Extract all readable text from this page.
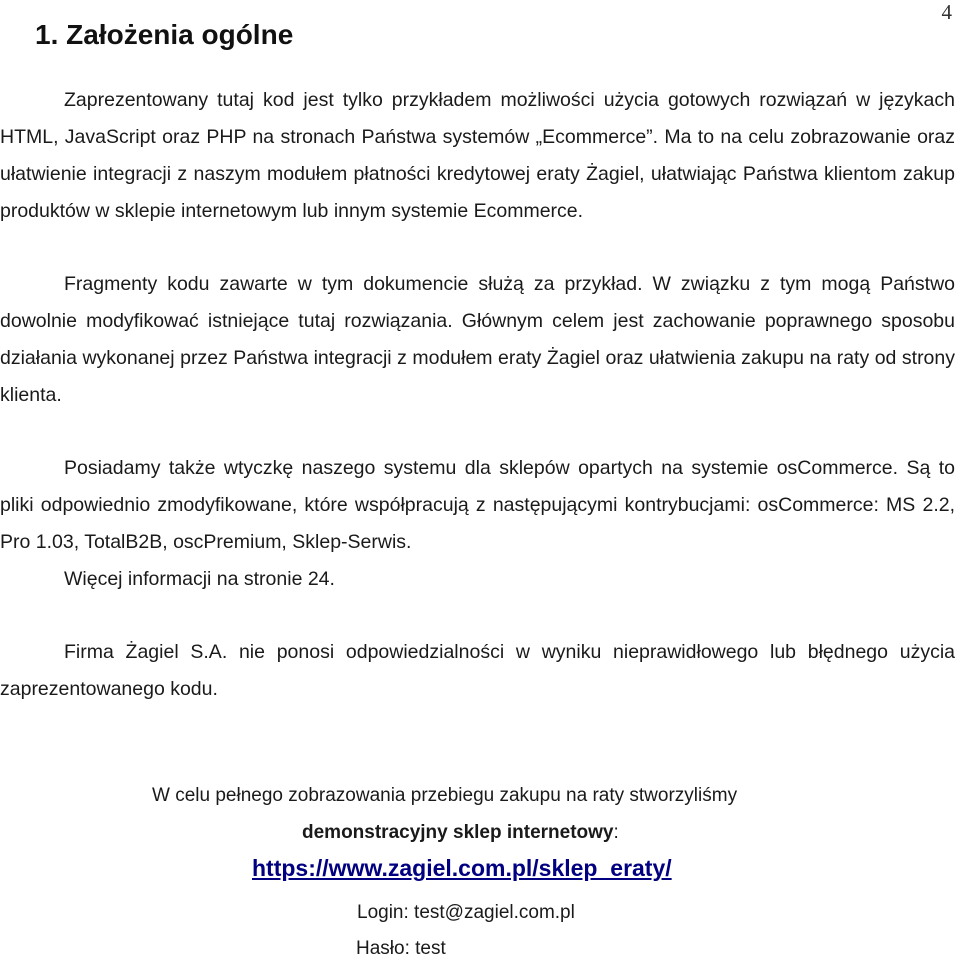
4
1. Założenia ogólne

Zaprezentowany tutaj kod jest tylko przykładem możliwości użycia gotowych rozwiązań w językach HTML, JavaScript oraz PHP na stronach Państwa systemów „Ecommerce”. Ma to na celu zobrazowanie oraz ułatwienie integracji z naszym modułem płatności kredytowej eraty Żagiel, ułatwiając Państwa klientom zakup produktów w sklepie internetowym lub innym systemie Ecommerce.

Fragmenty kodu zawarte w tym dokumencie służą za przykład. W związku z tym mogą Państwo dowolnie modyfikować istniejące tutaj rozwiązania. Głównym celem jest zachowanie poprawnego sposobu działania wykonanej przez Państwa integracji z modułem eraty Żagiel oraz ułatwienia zakupu na raty od strony klienta.

Posiadamy także wtyczkę naszego systemu dla sklepów opartych na systemie osCommerce. Są to pliki odpowiednio zmodyfikowane, które współpracują z następującymi kontrybucjami: osCommerce: MS 2.2, Pro 1.03, TotalB2B, oscPremium, Sklep-Serwis.

Więcej informacji na stronie 24.

Firma Żagiel S.A. nie ponosi odpowiedzialności w wyniku nieprawidłowego lub błędnego użycia zaprezentowanego kodu.

W celu pełnego zobrazowania przebiegu zakupu na raty stworzyliśmy
demonstracyjny sklep internetowy:
https://www.zagiel.com.pl/sklep_eraty/
Login: test@zagiel.com.pl
Hasło: test
